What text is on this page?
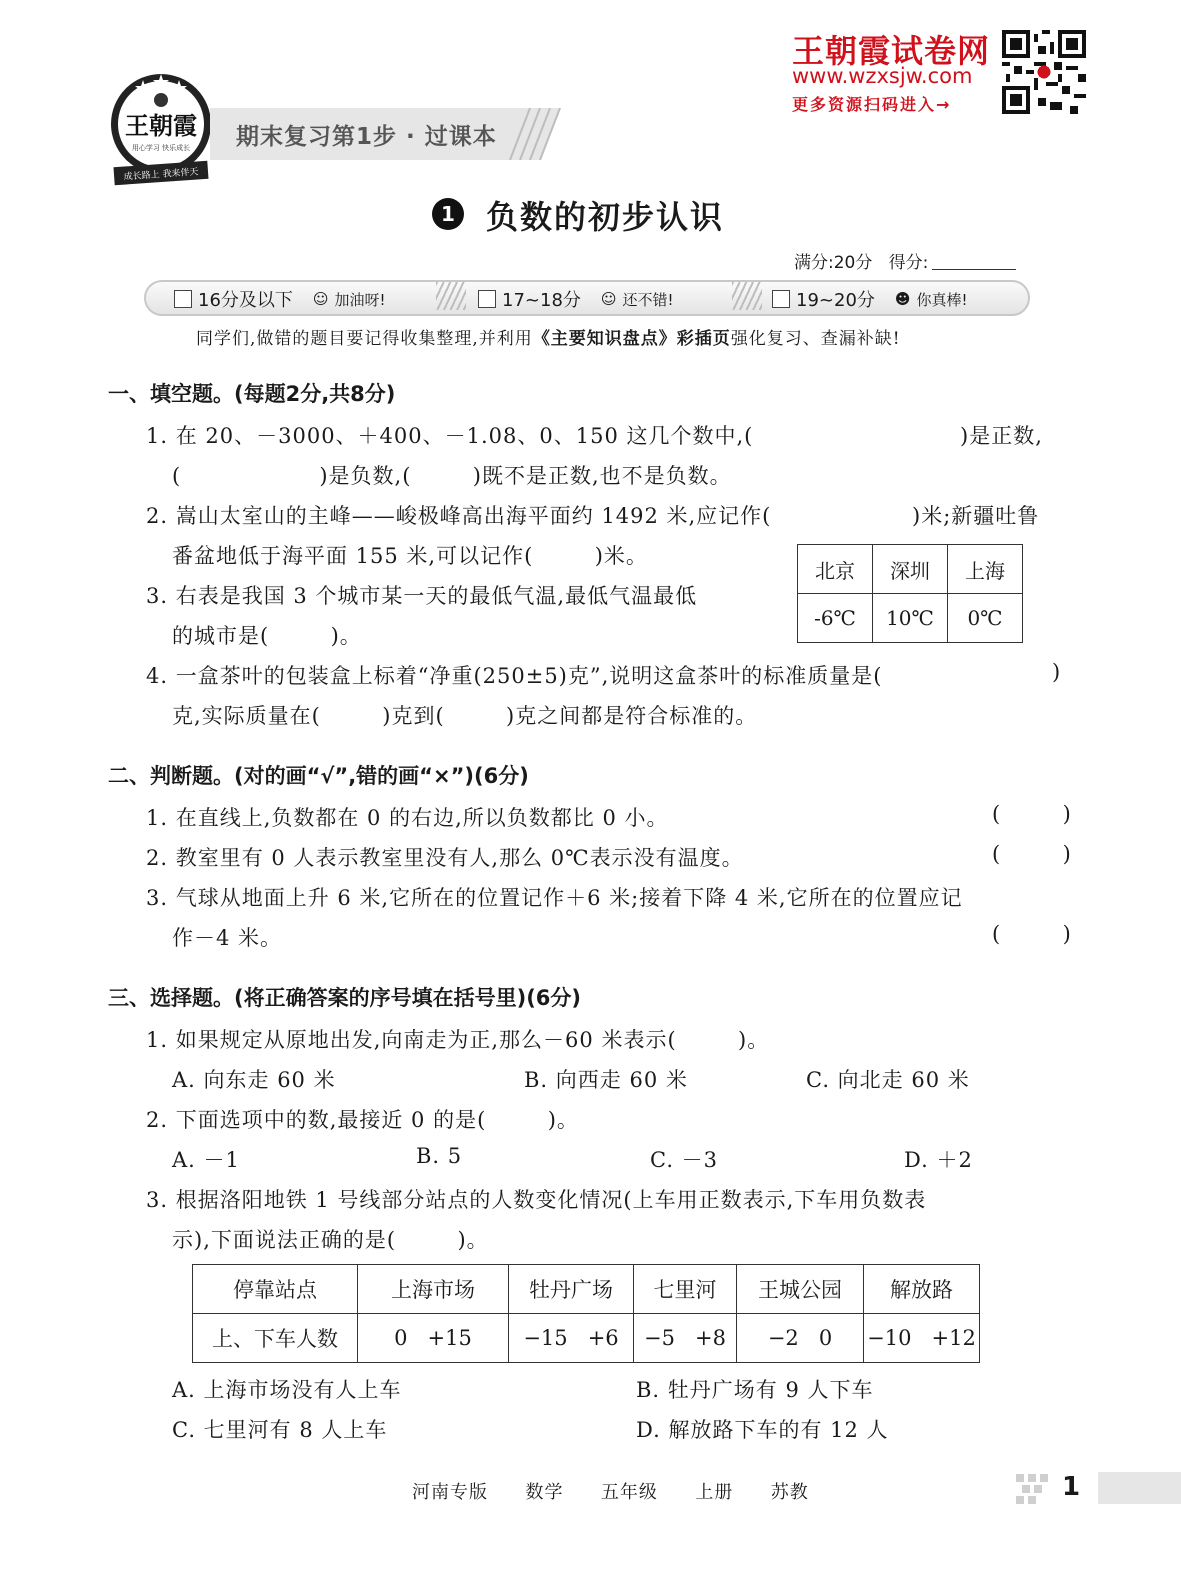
王朝霞
用心学习 快乐成长
成长路上 我来伴天
期末复习第1步 · 过课本
王朝霞试卷网
www.wzxsjw.com
更多资源扫码进入→
1 负数的初步认识
满分:20分 得分:
16分及以下 ☺ 加油呀!	17~18分 ☺ 还不错!	19~20分 ☻ 你真棒!
同学们,做错的题目要记得收集整理,并利用《主要知识盘点》彩插页强化复习、查漏补缺!
一、填空题。(每题2分,共8分)
1. 在 20、－3000、＋400、－1.08、0、150 这几个数中,(	)是正数,
(                  )是负数,(        )既不是正数,也不是负数。
2. 嵩山太室山的主峰——峻极峰高出海平面约 1492 米,应记作(	)米;新疆吐鲁
番盆地低于海平面 155 米,可以记作(        )米。
3. 右表是我国 3 个城市某一天的最低气温,最低气温最低
的城市是(        )。
北京	深圳	上海
-6℃	10℃	0℃
4. 一盒茶叶的包装盒上标着“净重(250±5)克”,说明这盒茶叶的标准质量是(	)
克,实际质量在(        )克到(        )克之间都是符合标准的。
二、判断题。(对的画“√”,错的画“×”)(6分)
1. 在直线上,负数都在 0 的右边,所以负数都比 0 小。	(        )
2. 教室里有 0 人表示教室里没有人,那么 0℃表示没有温度。	(        )
3. 气球从地面上升 6 米,它所在的位置记作＋6 米;接着下降 4 米,它所在的位置应记
作－4 米。	(        )
三、选择题。(将正确答案的序号填在括号里)(6分)
1. 如果规定从原地出发,向南走为正,那么－60 米表示(        )。
A. 向东走 60 米	B. 向西走 60 米	C. 向北走 60 米
2. 下面选项中的数,最接近 0 的是(        )。
A. －1	B. 5	C. －3	D. ＋2
3. 根据洛阳地铁 1 号线部分站点的人数变化情况(上车用正数表示,下车用负数表
示),下面说法正确的是(        )。
停靠站点	上海市场	牡丹广场	七里河	王城公园	解放路
上、下车人数	0 +15	−15 +6	−5 +8	−2 0	−10 +12
A. 上海市场没有人上车	B. 牡丹广场有 9 人下车
C. 七里河有 8 人上车	D. 解放路下车的有 12 人
河南专版  数学  五年级  上册  苏教	1
